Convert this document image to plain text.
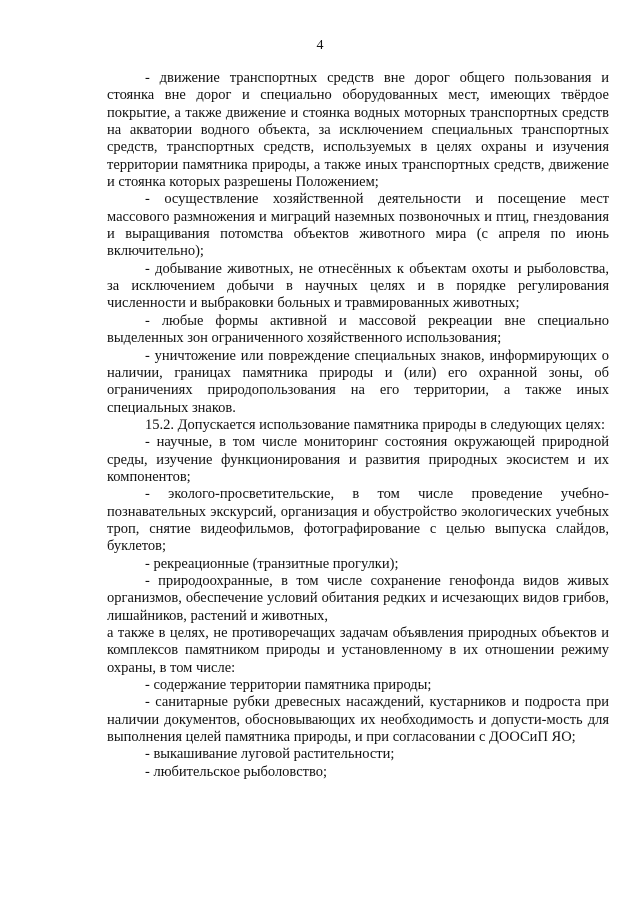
4

- движение транспортных средств вне дорог общего пользования и стоянка вне дорог и специально оборудованных мест, имеющих твёрдое покрытие, а также движение и стоянка водных моторных транспортных средств на акватории водного объекта, за исключением специальных транспортных средств, транспортных средств, используемых в целях охраны и изучения территории памятника природы, а также иных транспортных средств, движение и стоянка которых разрешены Положением;

- осуществление хозяйственной деятельности и посещение мест массового размножения и миграций наземных позвоночных и птиц, гнездования и выращивания потомства объектов животного мира (с апреля по июнь включительно);

- добывание животных, не отнесённых к объектам охоты и рыболовства, за исключением добычи в научных целях и в порядке регулирования численности и выбраковки больных и травмированных животных;

- любые формы активной и массовой рекреации вне специально выделенных зон ограниченного хозяйственного использования;

- уничтожение или повреждение специальных знаков, информирующих о наличии, границах памятника природы и (или) его охранной зоны, об ограничениях природопользования на его территории, а также иных специальных знаков.

15.2. Допускается использование памятника природы в следующих целях:

- научные, в том числе мониторинг состояния окружающей природной среды, изучение функционирования и развития природных экосистем и их компонентов;

- эколого-просветительские, в том числе проведение учебно-познавательных экскурсий, организация и обустройство экологических учебных троп, снятие видеофильмов, фотографирование с целью выпуска слайдов, буклетов;

- рекреационные (транзитные прогулки);

- природоохранные, в том числе сохранение генофонда видов живых организмов, обеспечение условий обитания редких и исчезающих видов грибов, лишайников, растений и животных,

а также в целях, не противоречащих задачам объявления природных объектов и комплексов памятником природы и установленному в их отношении режиму охраны, в том числе:

- содержание территории памятника природы;

- санитарные рубки древесных насаждений, кустарников и подроста при наличии документов, обосновывающих их необходимость и допусти-мость для выполнения целей памятника природы, и при согласовании с ДООСиП ЯО;

- выкашивание луговой растительности;

- любительское рыболовство;
